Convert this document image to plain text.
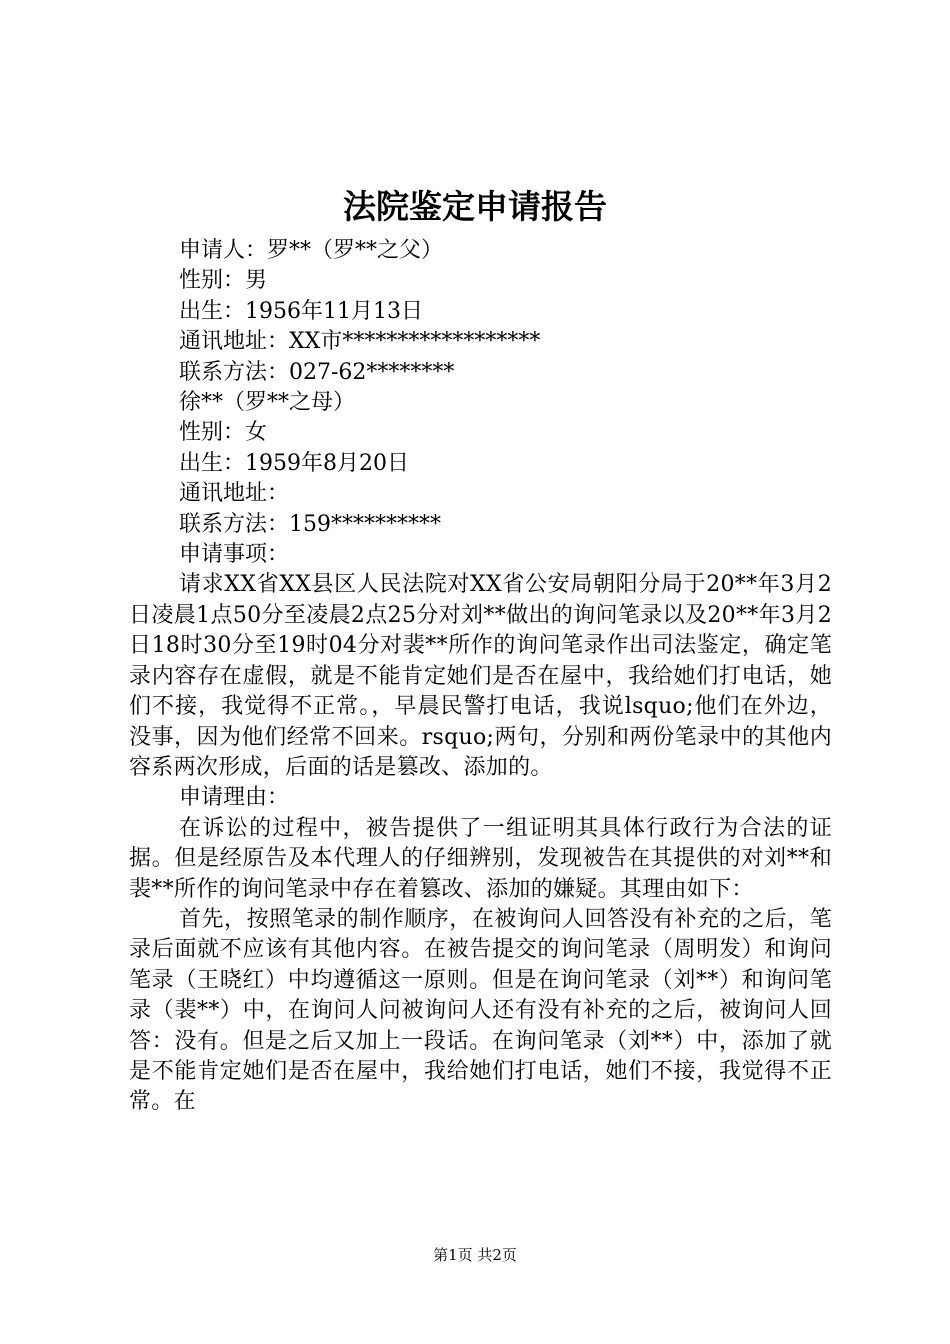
法院鉴定申请报告
申请人：罗**（罗**之父）
性别：男
出生：1956年11月13日
通讯地址：XX市******************
联系方法：027-62********
徐**（罗**之母）
性别：女
出生：1959年8月20日
通讯地址：
联系方法：159**********
申请事项：

请求XX省XX县区人民法院对XX省公安局朝阳分局于20**年3月2日凌晨1点50分至凌晨2点25分对刘**做出的询问笔录以及20**年3月2日18时30分至19时04分对裴**所作的询问笔录作出司法鉴定，确定笔录内容存在虚假，就是不能肯定她们是否在屋中，我给她们打电话，她们不接，我觉得不正常。，早晨民警打电话，我说lsquo;他们在外边，没事，因为他们经常不回来。rsquo;两句，分别和两份笔录中的其他内容系两次形成，后面的话是篡改、添加的。

申请理由：

在诉讼的过程中，被告提供了一组证明其具体行政行为合法的证据。但是经原告及本代理人的仔细辨别，发现被告在其提供的对刘**和裴**所作的询问笔录中存在着篡改、添加的嫌疑。其理由如下：

首先，按照笔录的制作顺序，在被询问人回答没有补充的之后，笔录后面就不应该有其他内容。在被告提交的询问笔录（周明发）和询问笔录（王晓红）中均遵循这一原则。但是在询问笔录（刘**）和询问笔录（裴**）中，在询问人问被询问人还有没有补充的之后，被询问人回答：没有。但是之后又加上一段话。在询问笔录（刘**）中，添加了就是不能肯定她们是否在屋中，我给她们打电话，她们不接，我觉得不正常。在

第1页 共2页
